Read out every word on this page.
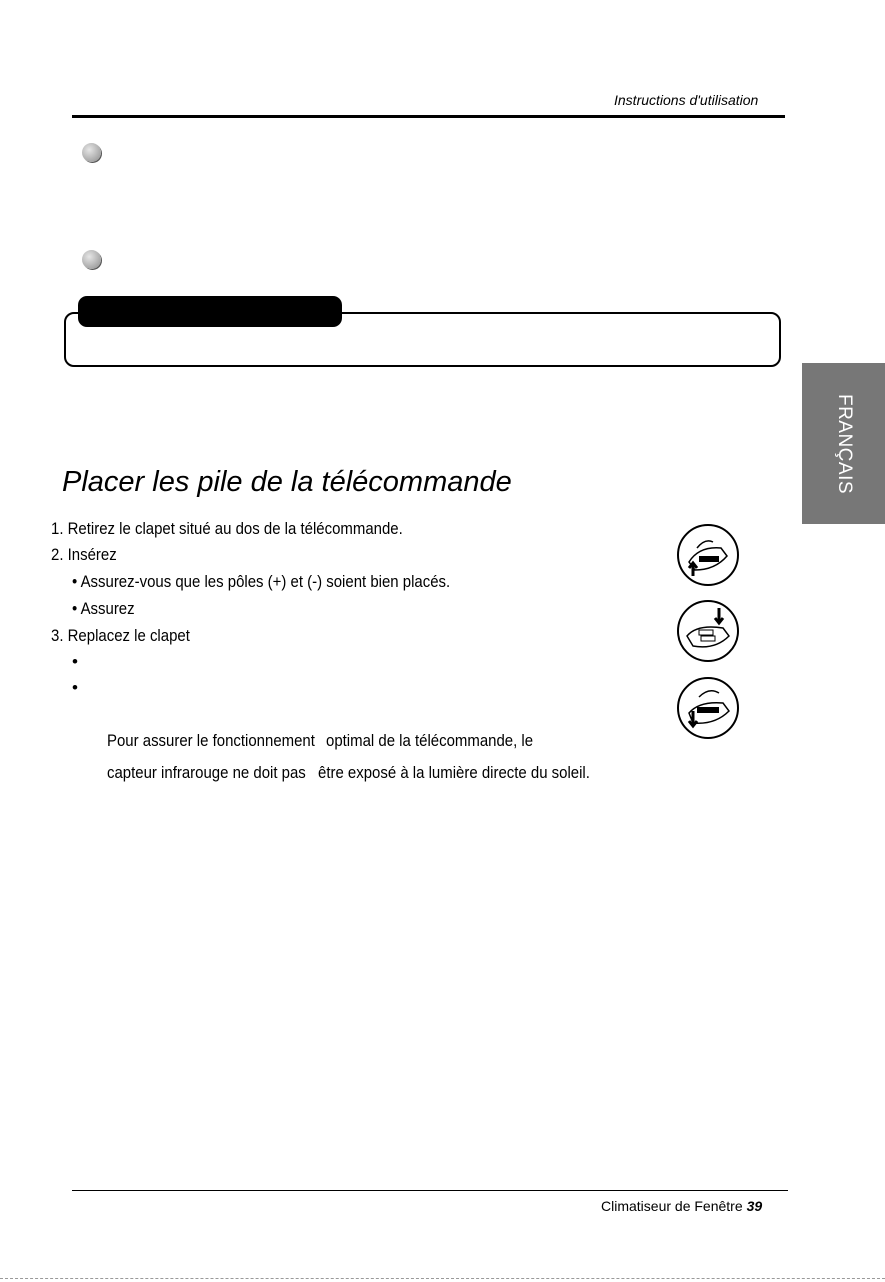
Instructions d'utilisation
FRANÇAIS
Placer les pile de la télécommande
1. Retirez le clapet situé au dos de la télécommande.
2. Insérez
• Assurez-vous que les pôles (+) et (-) soient bien placés.
• Assurez
3. Replacez le clapet
•
•
Pour assurer le fonctionnement optimal de la télécommande, le
capteur infrarouge ne doit pas être exposé à la lumière directe du soleil.
Climatiseur de Fenêtre 39
